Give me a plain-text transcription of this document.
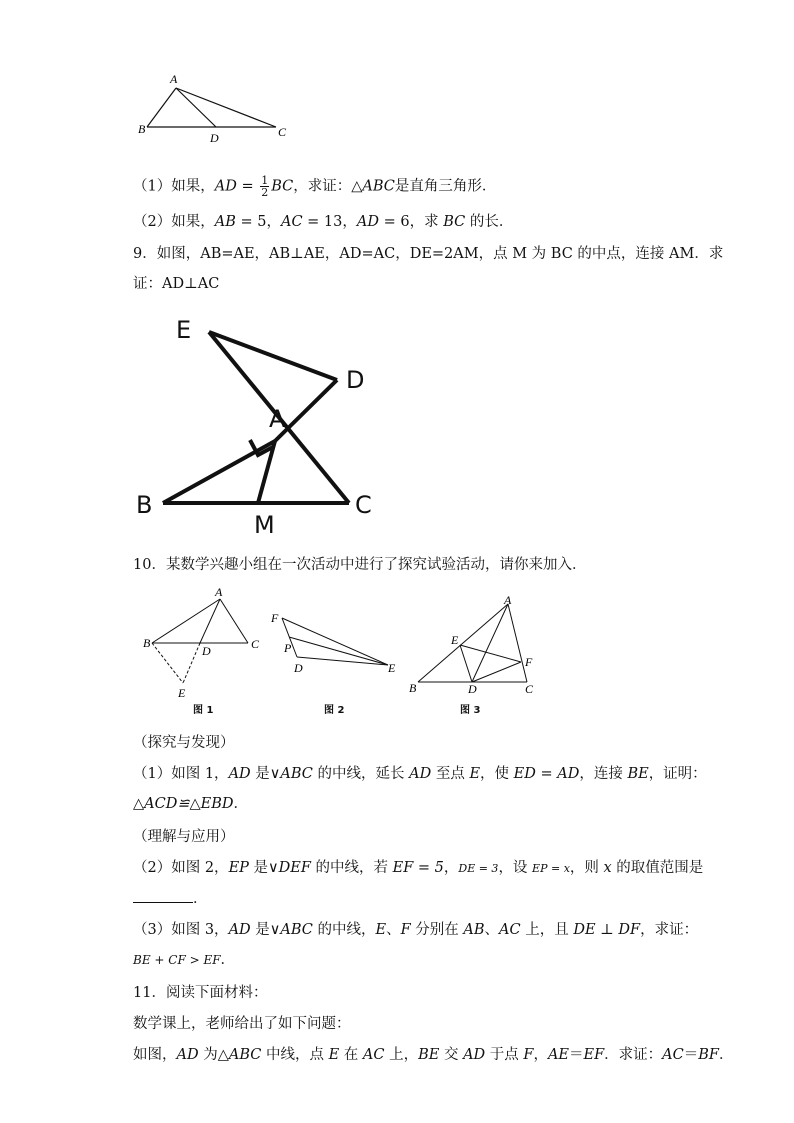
A
B
D	C
（1）如果，AD = $\frac{1}{2}$ BC，求证：△ABC是直角三角形．
（2）如果，AB = 5，AC = 13，AD = 6，求 BC 的长．
9．如图，AB=AE，AB⊥AE，AD=AC，DE=2AM，点 M 为 BC 的中点，连接 AM．求
证：AD⊥AC
E
D
A
B	C
M
10．某数学兴趣小组在一次活动中进行了探究试验活动，请你来加入．
A
B	C
D
E
图 1
F
P
D	E
图 2
A
E
F
B	D	C
图 3
（探究与发现）
（1）如图 1，AD 是∨ABC 的中线，延长 AD 至点 E，使 ED = AD，连接 BE，证明：
△ACD≌△EBD．
（理解与应用）
（2）如图 2，EP 是∨DEF 的中线，若 EF = 5，DE = 3，设 EP = x，则 x 的取值范围是
．
（3）如图 3，AD 是∨ABC 的中线，E、F 分别在 AB、AC 上，且 DE ⊥ DF，求证：
BE + CF > EF．
11．阅读下面材料：
数学课上，老师给出了如下问题：
如图，AD 为△ABC 中线，点 E 在 AC 上，BE 交 AD 于点 F，AE＝EF．求证：AC＝BF．
